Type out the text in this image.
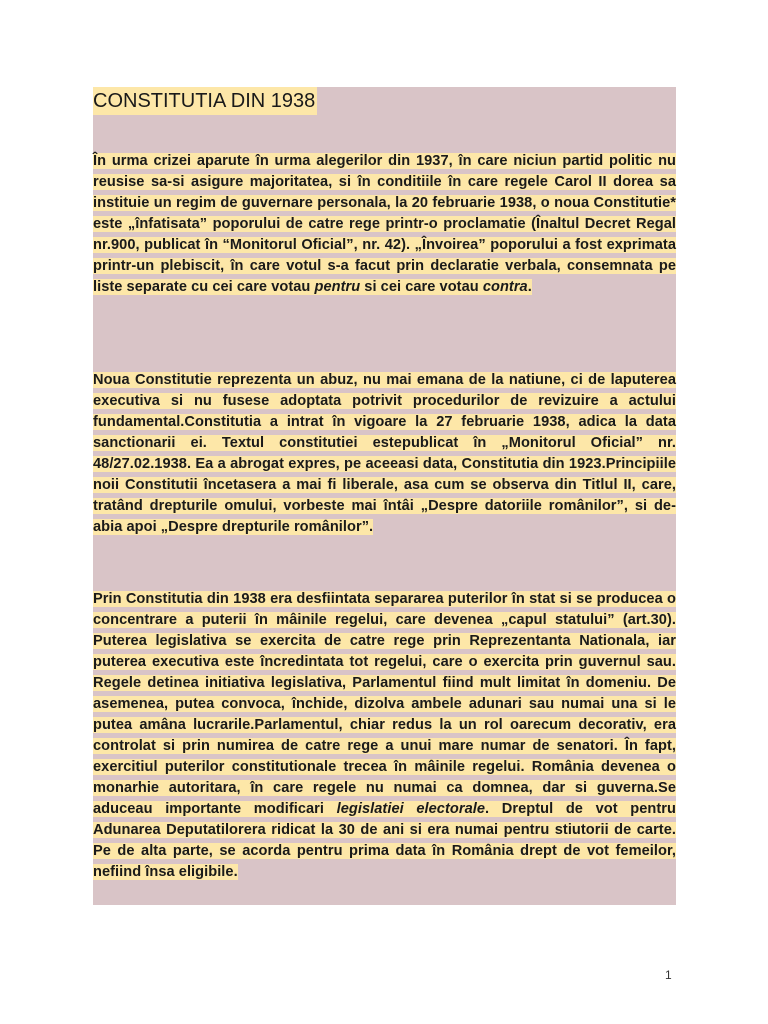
CONSTITUTIA DIN 1938

În urma crizei aparute în urma alegerilor din 1937, în care niciun partid politic nu reusise sa-si asigure majoritatea, si în conditiile în care regele Carol II dorea sa instituie un regim de guvernare personala, la 20 februarie 1938, o noua Constitutie* este „înfatisata” poporului de catre rege printr-o proclamatie (Înaltul Decret Regal nr.900, publicat în “Monitorul Oficial”, nr. 42). „Învoirea” poporului a fost exprimata printr-un plebiscit, în care votul s-a facut prin declaratie verbala, consemnata pe liste separate cu cei care votau pentru si cei care votau contra.

Noua Constitutie reprezenta un abuz, nu mai emana de la natiune, ci de laputerea executiva si nu fusese adoptata potrivit procedurilor de revizuire a actului fundamental.Constitutia a intrat în vigoare la 27 februarie 1938, adica la data sanctionarii ei. Textul constitutiei estepublicat în „Monitorul Oficial” nr. 48/27.02.1938. Ea a abrogat expres, pe aceeasi data, Constitutia din 1923.Principiile noii Constitutii încetasera a mai fi liberale, asa cum se observa din Titlul II, care, tratând drepturile omului, vorbeste mai întâi „Despre datoriile românilor”, si de-abia apoi „Despre drepturile românilor”.

Prin Constitutia din 1938 era desfiintata separarea puterilor în stat si se producea o concentrare a puterii în mâinile regelui, care devenea „capul statului” (art.30). Puterea legislativa se exercita de catre rege prin Reprezentanta Nationala, iar puterea executiva este încredintata tot regelui, care o exercita prin guvernul sau. Regele detinea initiativa legislativa, Parlamentul fiind mult limitat în domeniu. De asemenea, putea convoca, închide, dizolva ambele adunari sau numai una si le putea amâna lucrarile.Parlamentul, chiar redus la un rol oarecum decorativ, era controlat si prin numirea de catre rege a unui mare numar de senatori. În fapt, exercitiul puterilor constitutionale trecea în mâinile regelui. România devenea o monarhie autoritara, în care regele nu numai ca domnea, dar si guverna.Se aduceau importante modificari legislatiei electorale. Dreptul de vot pentru Adunarea Deputatilorera ridicat la 30 de ani si era numai pentru stiutorii de carte. Pe de alta parte, se acorda pentru prima data în România drept de vot femeilor, nefiind însa eligibile.

1
